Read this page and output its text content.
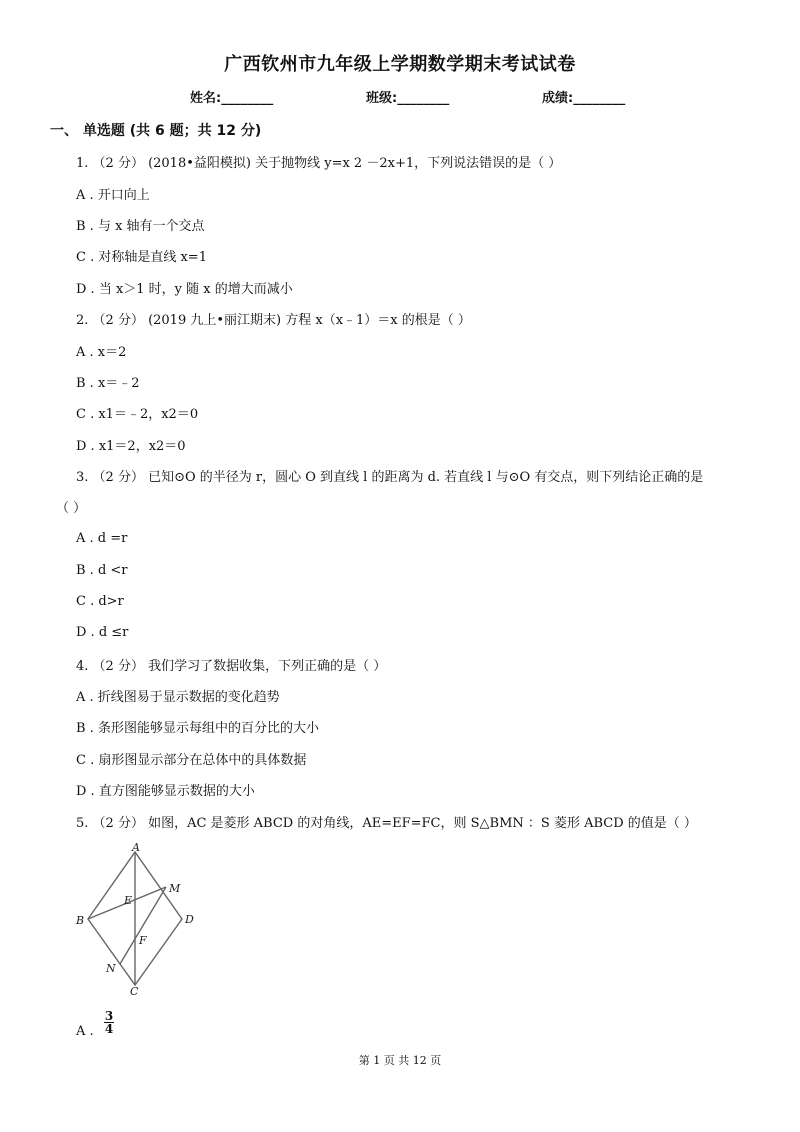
广西钦州市九年级上学期数学期末考试试卷
姓名:________	班级:________	成绩:________
一、 单选题 (共 6 题；共 12 分)
1. （2 分） (2018•益阳模拟) 关于抛物线 y=x 2 －2x+1，下列说法错误的是（ ）
A . 开口向上
B . 与 x 轴有一个交点
C . 对称轴是直线 x=1
D . 当 x＞1 时，y 随 x 的增大而减小
2. （2 分） (2019 九上•丽江期末) 方程 x（x﹣1）＝x 的根是（ ）
A . x＝2
B . x＝﹣2
C . x1＝﹣2，x2＝0
D . x1＝2，x2＝0
3. （2 分） 已知⊙O 的半径为 r，圆心 O 到直线 l 的距离为 d. 若直线 l 与⊙O 有交点，则下列结论正确的是
（ ）
A . d =r
B . d <r
C . d>r
D . d ≤r
4. （2 分） 我们学习了数据收集，下列正确的是（ ）
A . 折线图易于显示数据的变化趋势
B . 条形图能够显示每组中的百分比的大小
C . 扇形图显示部分在总体中的具体数据
D . 直方图能够显示数据的大小
5. （2 分） 如图，AC 是菱形 ABCD 的对角线，AE=EF=FC，则 S△BMN ：S 菱形 ABCD 的值是（ ）
A
B
C
D
E
F
M
N
A .
3
4
第 1 页 共 12 页
